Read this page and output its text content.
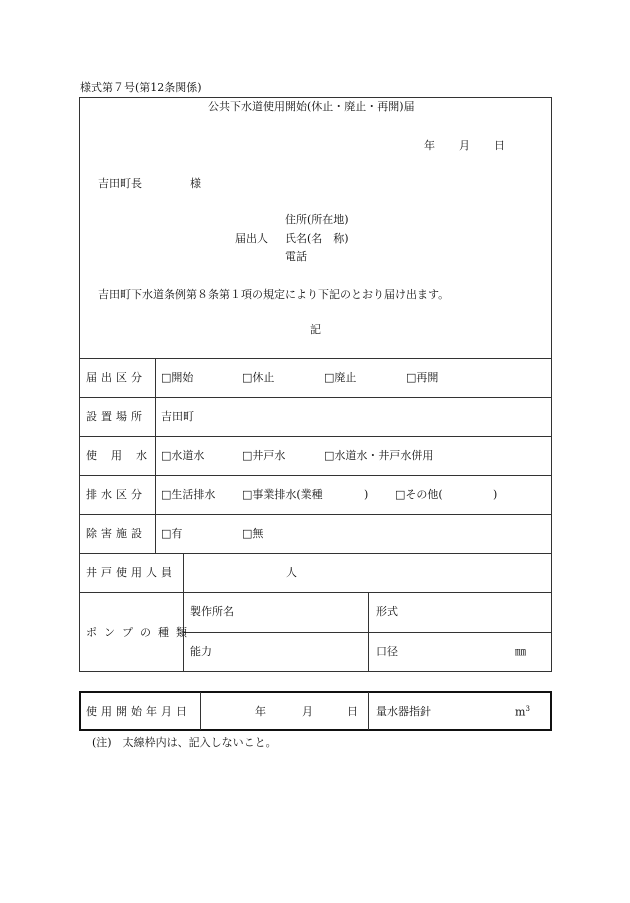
様式第７号(第12条関係)
公共下水道使用開始(休止・廃止・再開)届
年 月 日
吉田町長	様
住所(所在地)
届出人 氏名(名　称)
電話
吉田町下水道条例第８条第１項の規定により下記のとおり届け出ます。
記
届出区分 □開始	□休止	□廃止	□再開
設置場所 吉田町
使用水 □水道水	□井戸水	□水道水・井戸水併用
排水区分 □生活排水 □事業排水(業種	) □その他(	)
除害施設 □有	□無
井戸使用人員	人
ポンプの種類
製作所名	形式
能力	口径	㎜
使用開始年月日	年	月	日 量水器指針	$m^3$
(注)　太線枠内は、記入しないこと。
